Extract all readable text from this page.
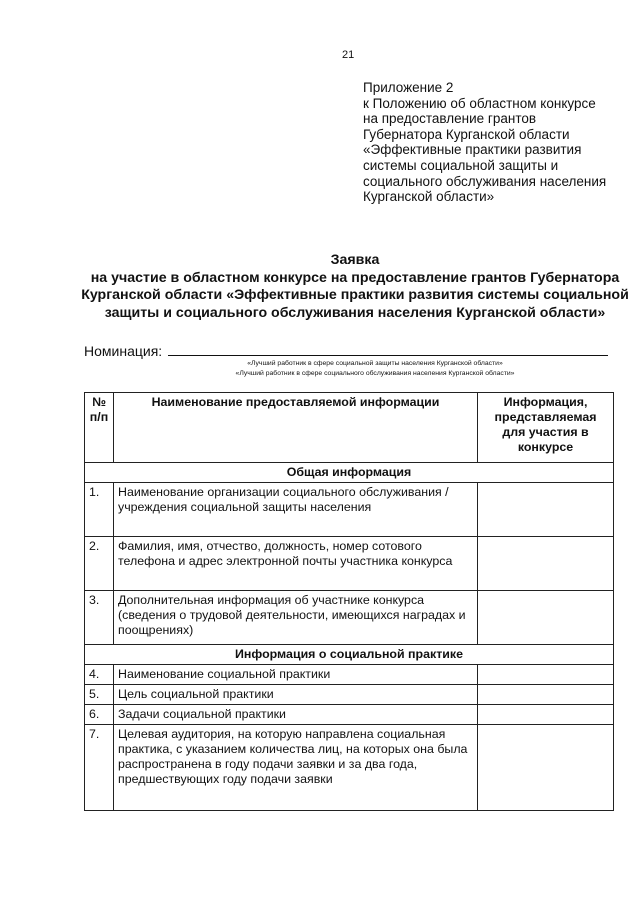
21
Приложение 2
к Положению об областном конкурсе
на предоставление грантов
Губернатора Курганской области
«Эффективные практики развития
системы социальной защиты и
социального обслуживания населения
Курганской области»

Заявка

на участие в областном конкурсе на предоставление грантов Губернатора Курганской области «Эффективные практики развития системы социальной защиты и социального обслуживания населения Курганской области»

Номинация:
«Лучший работник в сфере социальной защиты населения Курганской области»
«Лучший работник в сфере социального обслуживания населения Курганской области»
№ п/п	Наименование предоставляемой информации	Информация, представляемая для участия в конкурсе
Общая информация		
1.	Наименование организации социального обслуживания / учреждения социальной защиты населения	
2.	Фамилия, имя, отчество, должность, номер сотового телефона и адрес электронной почты участника конкурса	
3.	Дополнительная информация об участнике конкурса (сведения о трудовой деятельности, имеющихся наградах и поощрениях)	
Информация о социальной практике		
4.	Наименование социальной практики	
5.	Цель социальной практики	
6.	Задачи социальной практики	
7.	Целевая аудитория, на которую направлена социальная практика, с указанием количества лиц, на которых она была распространена в году подачи заявки и за два года, предшествующих году подачи заявки	
